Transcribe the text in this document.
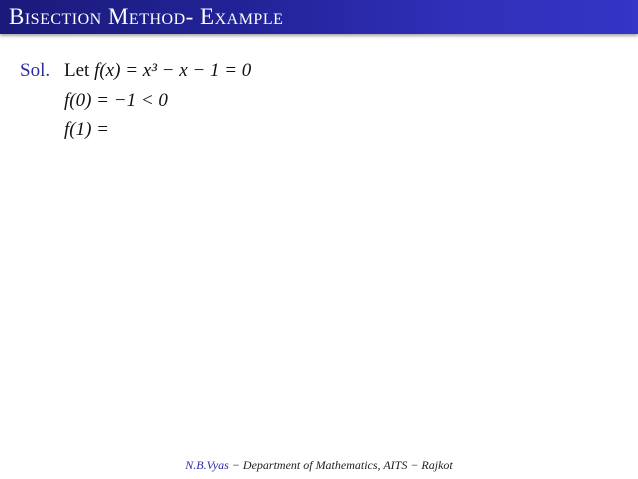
Bisection Method- Example
Sol. Let f(x) = x³ − x − 1 = 0
f(0) = −1 < 0
f(1) =
N.B.Vyas − Department of Mathematics, AITS − Rajkot
